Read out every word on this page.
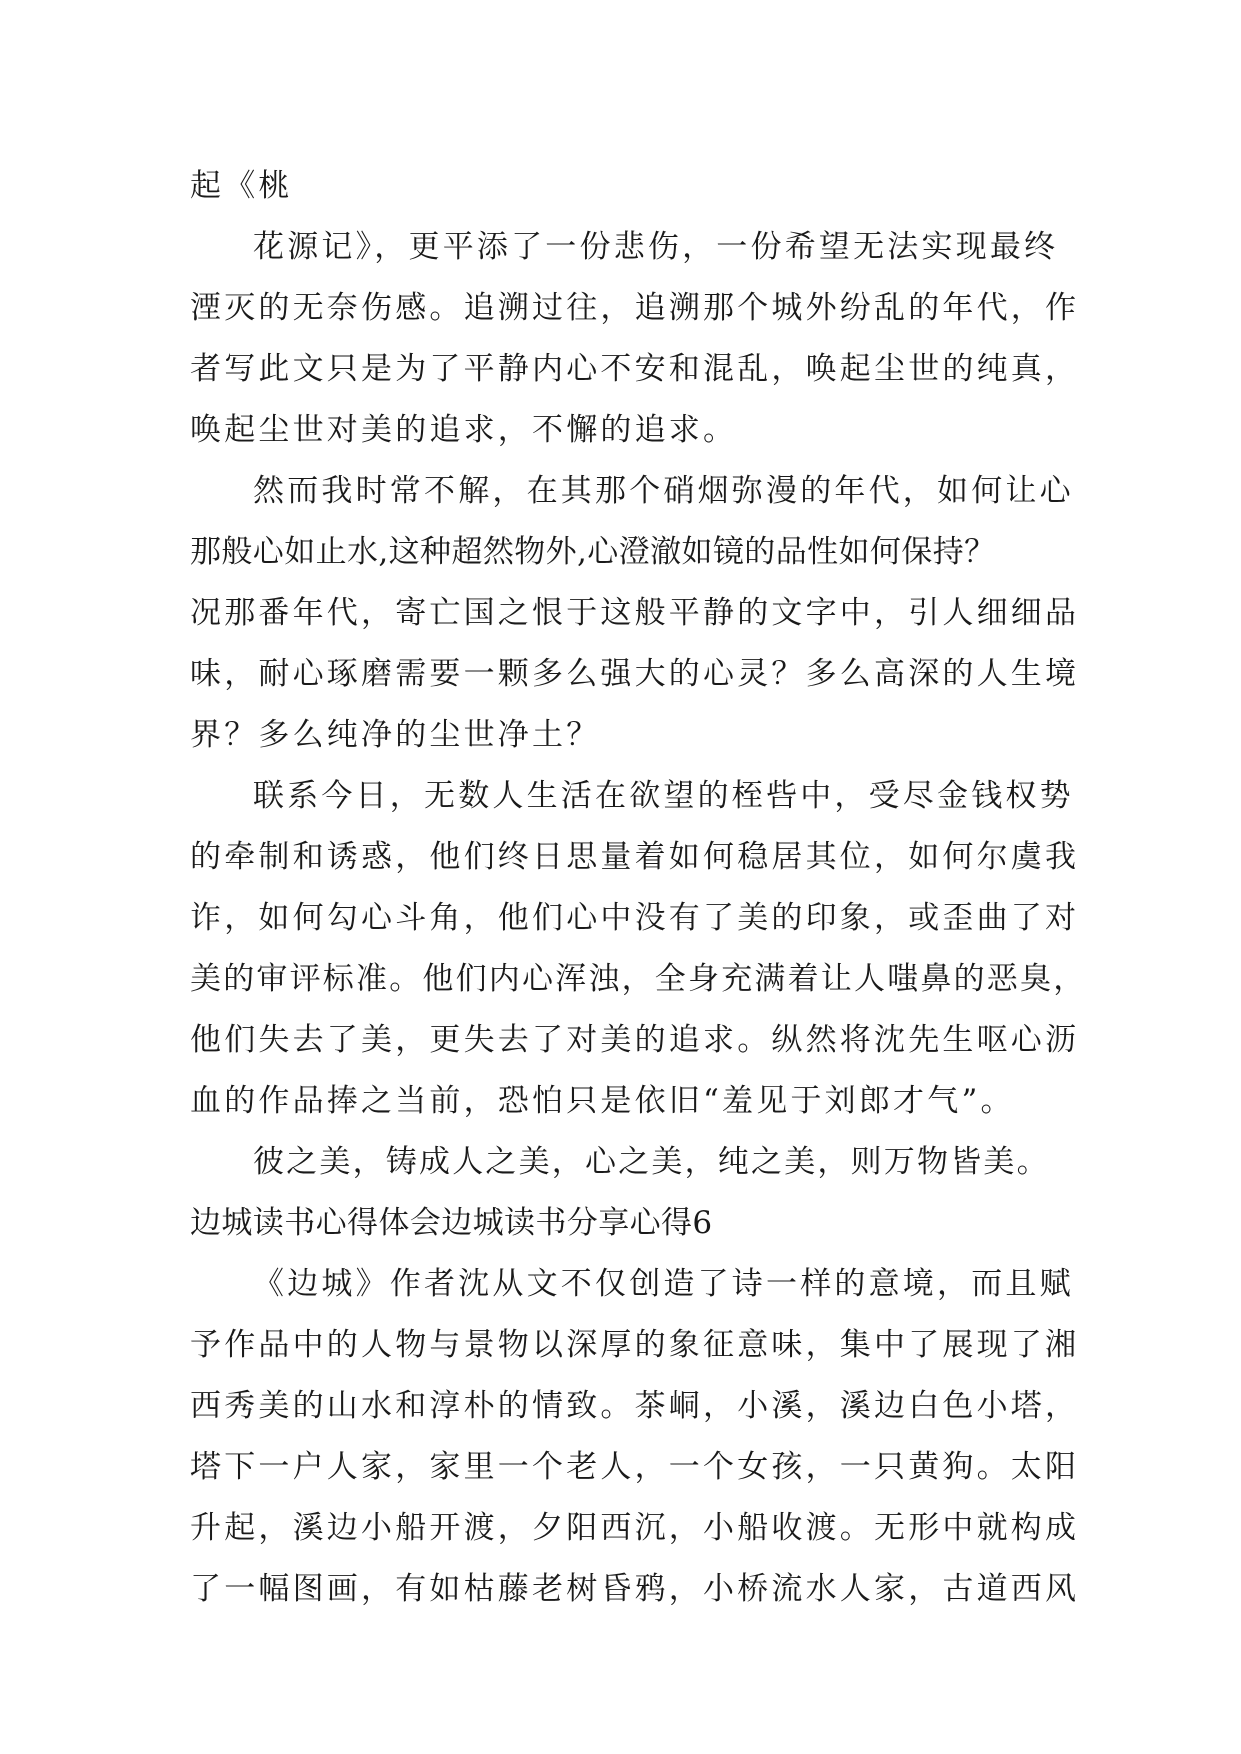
起《桃
花源记》，更平添了一份悲伤，一份希望无法实现最终
湮灭的无奈伤感。追溯过往，追溯那个城外纷乱的年代，作
者写此文只是为了平静内心不安和混乱，唤起尘世的纯真，
唤起尘世对美的追求，不懈的追求。
然而我时常不解，在其那个硝烟弥漫的年代，如何让心
那般心如止水,这种超然物外,心澄澈如镜的品性如何保持？
况那番年代，寄亡国之恨于这般平静的文字中，引人细细品
味，耐心琢磨需要一颗多么强大的心灵？多么高深的人生境
界？多么纯净的尘世净土？
联系今日，无数人生活在欲望的桎呰中，受尽金钱权势
的牵制和诱惑，他们终日思量着如何稳居其位，如何尔虞我
诈，如何勾心斗角，他们心中没有了美的印象，或歪曲了对
美的审评标准。他们内心浑浊，全身充满着让人嗤鼻的恶臭，
他们失去了美，更失去了对美的追求。纵然将沈先生呕心沥
血的作品捧之当前，恐怕只是依旧“羞见于刘郎才气”。
彼之美，铸成人之美，心之美，纯之美，则万物皆美。
边城读书心得体会边城读书分享心得6
《边城》作者沈从文不仅创造了诗一样的意境，而且赋
予作品中的人物与景物以深厚的象征意味，集中了展现了湘
西秀美的山水和淳朴的情致。茶峒，小溪，溪边白色小塔，
塔下一户人家，家里一个老人，一个女孩，一只黄狗。太阳
升起，溪边小船开渡，夕阳西沉，小船收渡。无形中就构成
了一幅图画，有如枯藤老树昏鸦，小桥流水人家，古道西风
